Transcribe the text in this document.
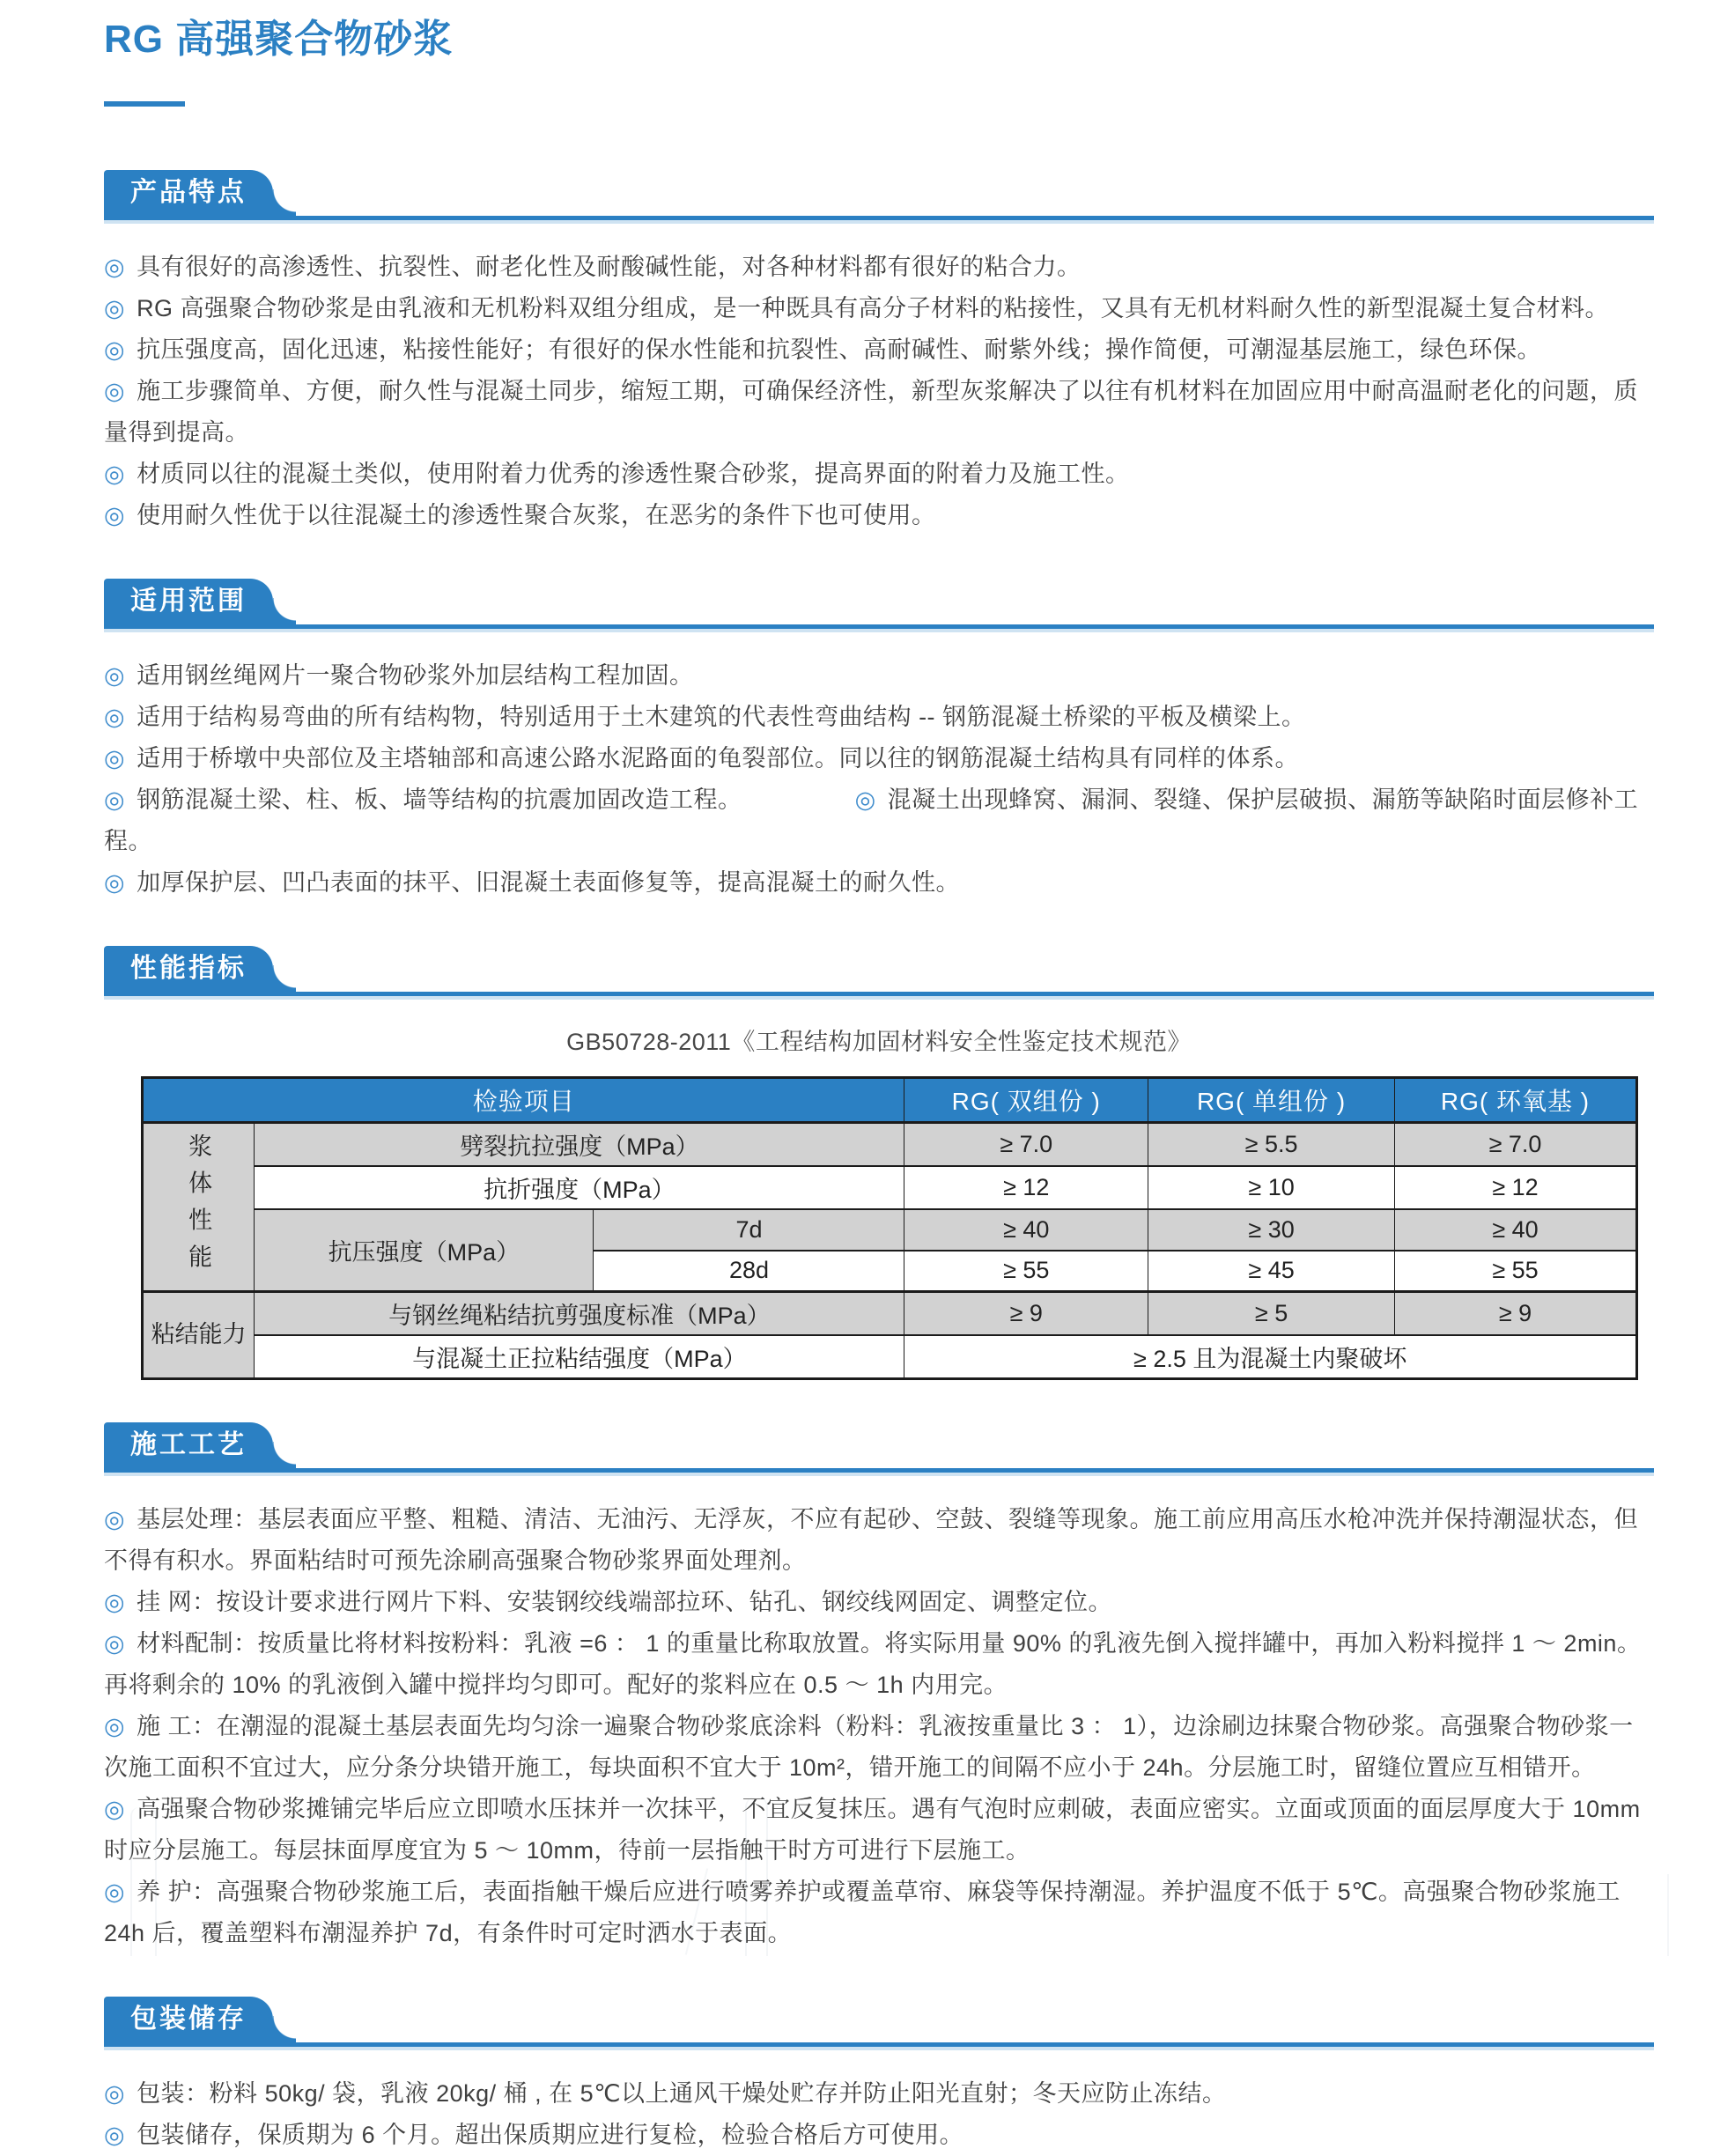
RG 高强聚合物砂浆
产品特点
◎ 具有很好的高渗透性、抗裂性、耐老化性及耐酸碱性能，对各种材料都有很好的粘合力。
◎ RG 高强聚合物砂浆是由乳液和无机粉料双组分组成，是一种既具有高分子材料的粘接性，又具有无机材料耐久性的新型混凝土复合材料。
◎ 抗压强度高，固化迅速，粘接性能好；有很好的保水性能和抗裂性、高耐碱性、耐紫外线；操作简便，可潮湿基层施工，绿色环保。
◎ 施工步骤简单、方便，耐久性与混凝土同步，缩短工期，可确保经济性，新型灰浆解决了以往有机材料在加固应用中耐高温耐老化的问题，质量得到提高。
◎ 材质同以往的混凝土类似，使用附着力优秀的渗透性聚合砂浆，提高界面的附着力及施工性。
◎ 使用耐久性优于以往混凝土的渗透性聚合灰浆，在恶劣的条件下也可使用。
适用范围
◎ 适用钢丝绳网片一聚合物砂浆外加层结构工程加固。
◎ 适用于结构易弯曲的所有结构物，特别适用于土木建筑的代表性弯曲结构 -- 钢筋混凝土桥梁的平板及横梁上。
◎ 适用于桥墩中央部位及主塔轴部和高速公路水泥路面的龟裂部位。同以往的钢筋混凝土结构具有同样的体系。
◎ 钢筋混凝土梁、柱、板、墙等结构的抗震加固改造工程。	◎ 混凝土出现蜂窝、漏洞、裂缝、保护层破损、漏筋等缺陷时面层修补工程。
◎ 加厚保护层、凹凸表面的抹平、旧混凝土表面修复等，提高混凝土的耐久性。
性能指标

GB50728-2011《工程结构加固材料安全性鉴定技术规范》

检验项目			RG( 双组份 )	RG( 单组份 )	RG( 环氧基 )
浆体性能	劈裂抗拉强度（MPa）		≥ 7.0	≥ 5.5	≥ 7.0
	抗折强度（MPa）		≥ 12	≥ 10	≥ 12
	抗压强度（MPa）	7d	≥ 40	≥ 30	≥ 40
		28d	≥ 55	≥ 45	≥ 55
粘结能力	与钢丝绳粘结抗剪强度标准（MPa）		≥ 9	≥ 5	≥ 9
	与混凝土正拉粘结强度（MPa）		≥ 2.5 且为混凝土内聚破坏		
施工工艺
◎ 基层处理：基层表面应平整、粗糙、清洁、无油污、无浮灰，不应有起砂、空鼓、裂缝等现象。施工前应用高压水枪冲洗并保持潮湿状态，但不得有积水。界面粘结时可预先涂刷高强聚合物砂浆界面处理剂。
◎ 挂 网：按设计要求进行网片下料、安装钢绞线端部拉环、钻孔、钢绞线网固定、调整定位。
◎ 材料配制：按质量比将材料按粉料：乳液 =6 ： 1 的重量比称取放置。将实际用量 90% 的乳液先倒入搅拌罐中，再加入粉料搅拌 1 ～ 2min。再将剩余的 10% 的乳液倒入罐中搅拌均匀即可。配好的浆料应在 0.5 ～ 1h 内用完。
◎ 施 工：在潮湿的混凝土基层表面先均匀涂一遍聚合物砂浆底涂料（粉料：乳液按重量比 3 ： 1），边涂刷边抹聚合物砂浆。高强聚合物砂浆一次施工面积不宜过大，应分条分块错开施工，每块面积不宜大于 10m²，错开施工的间隔不应小于 24h。分层施工时，留缝位置应互相错开。
◎ 高强聚合物砂浆摊铺完毕后应立即喷水压抹并一次抹平，不宜反复抹压。遇有气泡时应刺破，表面应密实。立面或顶面的面层厚度大于 10mm 时应分层施工。每层抹面厚度宜为 5 ～ 10mm，待前一层指触干时方可进行下层施工。
◎ 养 护：高强聚合物砂浆施工后，表面指触干燥后应进行喷雾养护或覆盖草帘、麻袋等保持潮湿。养护温度不低于 5℃。高强聚合物砂浆施工 24h 后，覆盖塑料布潮湿养护 7d，有条件时可定时洒水于表面。
包装储存
◎ 包装：粉料 50kg/ 袋，乳液 20kg/ 桶 , 在 5℃以上通风干燥处贮存并防止阳光直射；冬天应防止冻结。
◎ 包装储存，保质期为 6 个月。超出保质期应进行复检，检验合格后方可使用。
